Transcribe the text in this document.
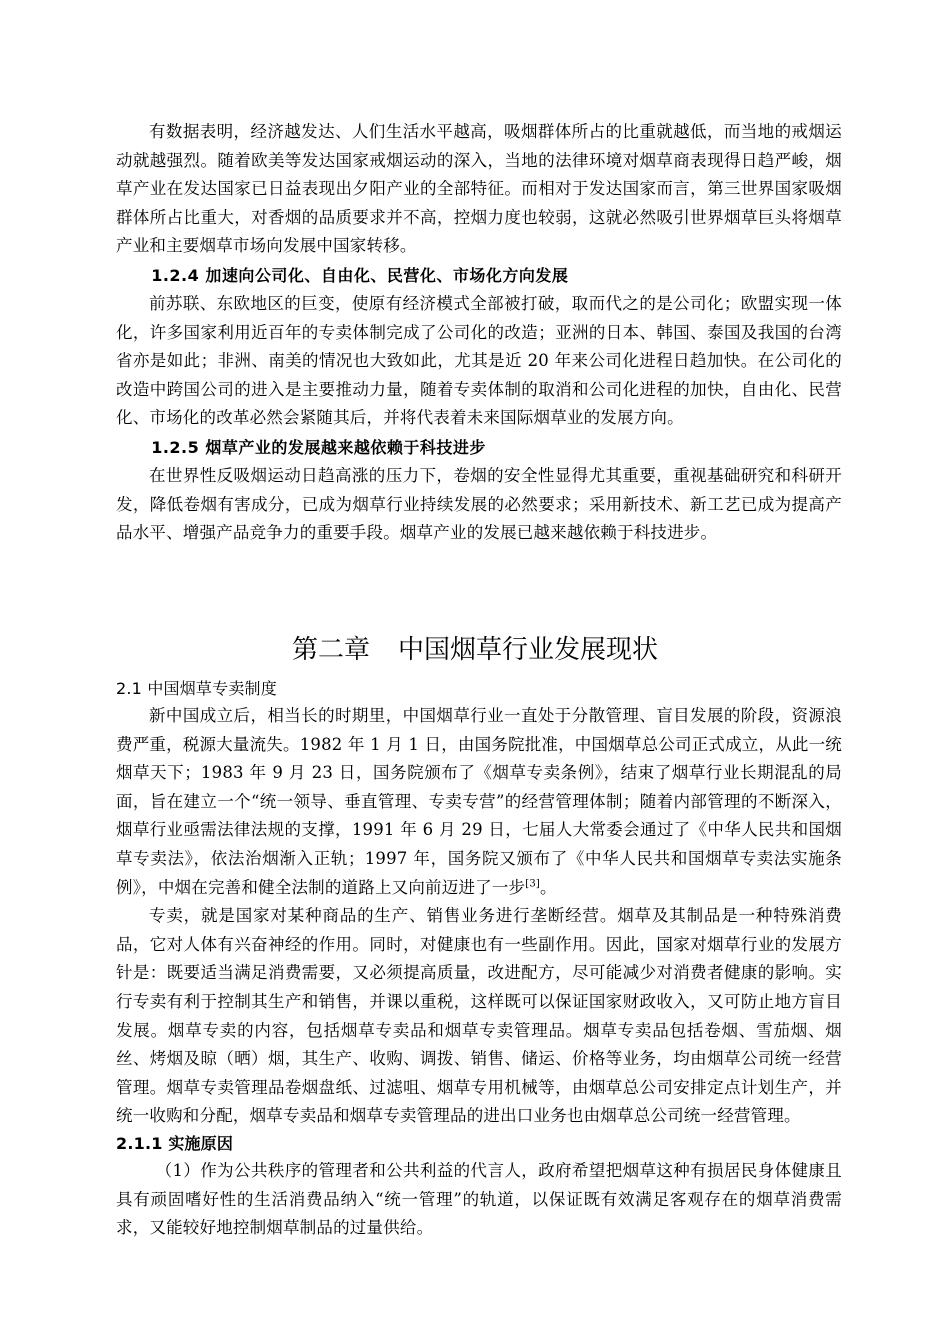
有数据表明，经济越发达、人们生活水平越高，吸烟群体所占的比重就越低，而当地的戒烟运动就越强烈。随着欧美等发达国家戒烟运动的深入，当地的法律环境对烟草商表现得日趋严峻，烟草产业在发达国家已日益表现出夕阳产业的全部特征。而相对于发达国家而言，第三世界国家吸烟群体所占比重大，对香烟的品质要求并不高，控烟力度也较弱，这就必然吸引世界烟草巨头将烟草产业和主要烟草市场向发展中国家转移。

1.2.4 加速向公司化、自由化、民营化、市场化方向发展

前苏联、东欧地区的巨变，使原有经济模式全部被打破，取而代之的是公司化；欧盟实现一体化，许多国家利用近百年的专卖体制完成了公司化的改造；亚洲的日本、韩国、泰国及我国的台湾省亦是如此；非洲、南美的情况也大致如此，尤其是近 20 年来公司化进程日趋加快。在公司化的改造中跨国公司的进入是主要推动力量，随着专卖体制的取消和公司化进程的加快，自由化、民营化、市场化的改革必然会紧随其后，并将代表着未来国际烟草业的发展方向。

1.2.5 烟草产业的发展越来越依赖于科技进步

在世界性反吸烟运动日趋高涨的压力下，卷烟的安全性显得尤其重要，重视基础研究和科研开发，降低卷烟有害成分，已成为烟草行业持续发展的必然要求；采用新技术、新工艺已成为提高产品水平、增强产品竞争力的重要手段。烟草产业的发展已越来越依赖于科技进步。

第二章 中国烟草行业发展现状

2.1 中国烟草专卖制度

新中国成立后，相当长的时期里，中国烟草行业一直处于分散管理、盲目发展的阶段，资源浪费严重，税源大量流失。1982 年 1 月 1 日，由国务院批准，中国烟草总公司正式成立，从此一统烟草天下；1983 年 9 月 23 日，国务院颁布了《烟草专卖条例》，结束了烟草行业长期混乱的局面，旨在建立一个“统一领导、垂直管理、专卖专营”的经营管理体制；随着内部管理的不断深入，烟草行业亟需法律法规的支撑，1991 年 6 月 29 日，七届人大常委会通过了《中华人民共和国烟草专卖法》，依法治烟渐入正轨；1997 年，国务院又颁布了《中华人民共和国烟草专卖法实施条例》，中烟在完善和健全法制的道路上又向前迈进了一步[3]。

专卖，就是国家对某种商品的生产、销售业务进行垄断经营。烟草及其制品是一种特殊消费品，它对人体有兴奋神经的作用。同时，对健康也有一些副作用。因此，国家对烟草行业的发展方针是：既要适当满足消费需要，又必须提高质量，改进配方，尽可能减少对消费者健康的影响。实行专卖有利于控制其生产和销售，并课以重税，这样既可以保证国家财政收入，又可防止地方盲目发展。烟草专卖的内容，包括烟草专卖品和烟草专卖管理品。烟草专卖品包括卷烟、雪茄烟、烟丝、烤烟及晾（晒）烟，其生产、收购、调拨、销售、储运、价格等业务，均由烟草公司统一经营管理。烟草专卖管理品卷烟盘纸、过滤咀、烟草专用机械等，由烟草总公司安排定点计划生产，并统一收购和分配，烟草专卖品和烟草专卖管理品的进出口业务也由烟草总公司统一经营管理。

2.1.1 实施原因

（1）作为公共秩序的管理者和公共利益的代言人，政府希望把烟草这种有损居民身体健康且具有顽固嗜好性的生活消费品纳入“统一管理”的轨道，以保证既有效满足客观存在的烟草消费需求，又能较好地控制烟草制品的过量供给。
